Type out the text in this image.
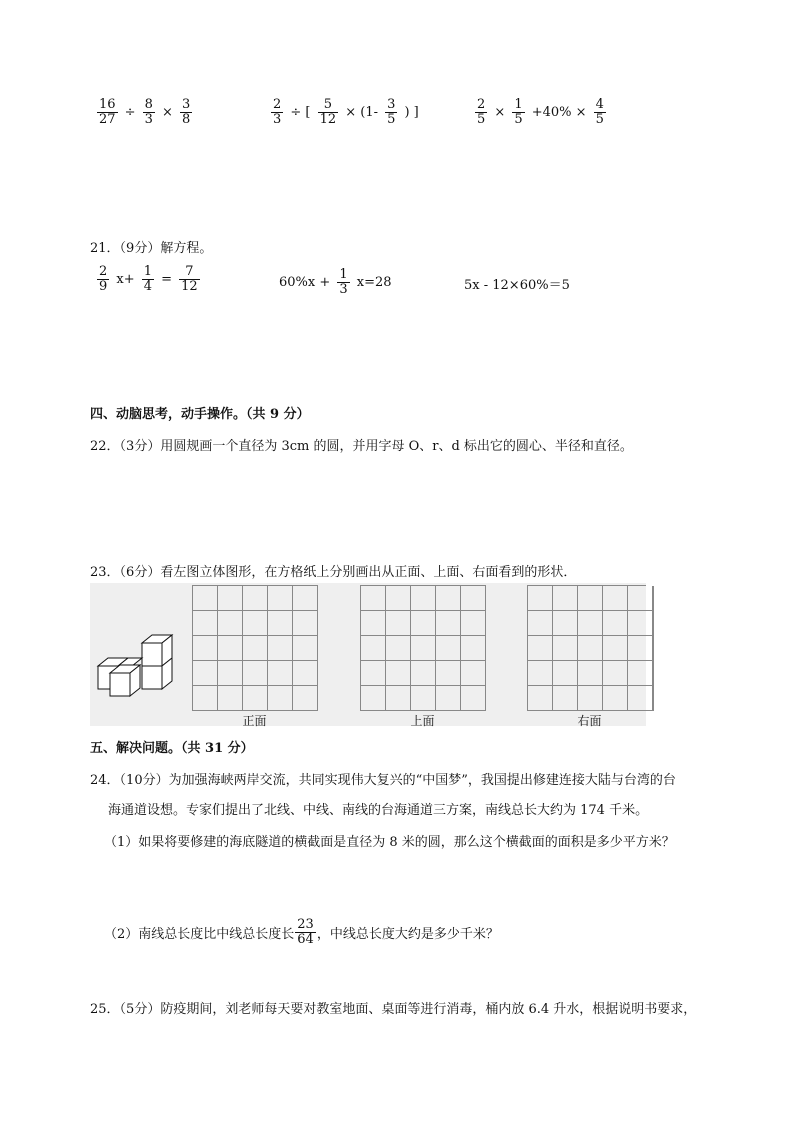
$\frac{16}{27} \div \frac{8}{3} \times \frac{3}{8}$	$\frac{2}{3}$ ÷ [ $\frac{5}{12} \times (1- \frac{3}{5}$ ) ]	$\frac{2}{5} \times \frac{1}{5} +40\% \times \frac{4}{5}$
21．（9分）解方程。
$\frac{2}{9} x+ \frac{1}{4} = \frac{7}{12}$	$60\%x + \frac{1}{3} x=28$	5x - 12×60%＝5
四、动脑思考，动手操作。（共 9 分）
22．（3分）用圆规画一个直径为 3cm 的圆，并用字母 O、r、d 标出它的圆心、半径和直径。
23．（6分）看左图立体图形，在方格纸上分别画出从正面、上面、右面看到的形状．
正面	上面	右面
五、解决问题。（共 31 分）
24．（10分）为加强海峡两岸交流，共同实现伟大复兴的“中国梦”，我国提出修建连接大陆与台湾的台
海通道设想。专家们提出了北线、中线、南线的台海通道三方案，南线总长大约为 174 千米。
（1）如果将要修建的海底隧道的横截面是直径为 8 米的圆，那么这个横截面的面积是多少平方米？
（2）南线总长度比中线总长度长 $\frac{23}{64}$ ，中线总长度大约是多少千米？
25．（5分）防疫期间，刘老师每天要对教室地面、桌面等进行消毒，桶内放 6.4 升水，根据说明书要求，
